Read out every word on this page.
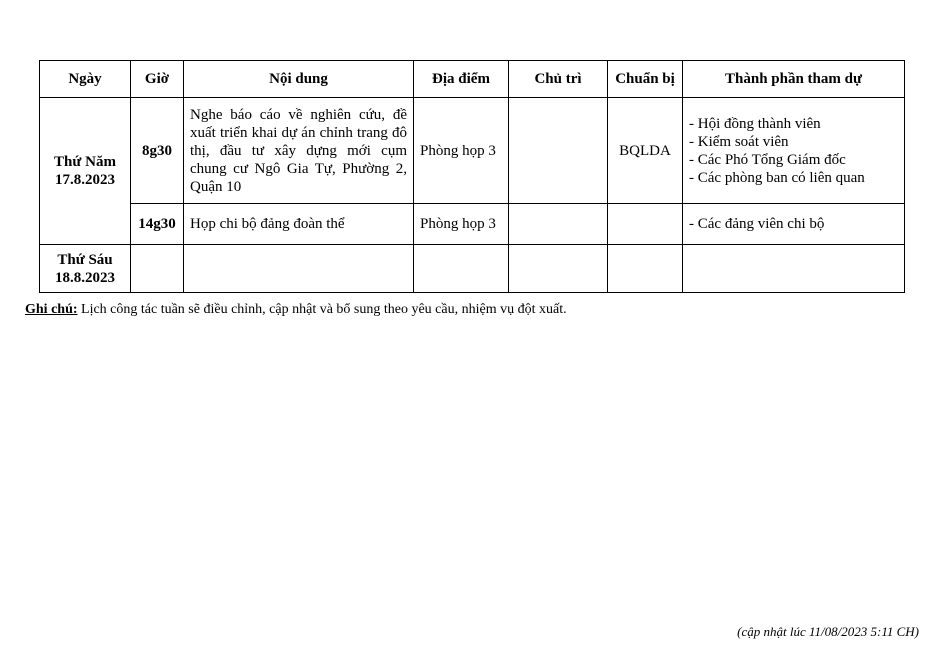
Ngày	Giờ	Nội dung	Địa điểm	Chủ trì	Chuẩn bị	Thành phần tham dự

Thứ Năm
17.8.2023	8g30	Nghe báo cáo về nghiên cứu, đề xuất triển khai dự án chỉnh trang đô thị, đầu tư xây dựng mới cụm chung cư Ngô Gia Tự, Phường 2, Quận 10	Phòng họp 3		BQLDA	- Hội đồng thành viên
- Kiểm soát viên
- Các Phó Tổng Giám đốc
- Các phòng ban có liên quan

	14g30	Họp chi bộ đảng đoàn thể	Phòng họp 3			- Các đảng viên chi bộ

Thứ Sáu
18.8.2023						

Ghi chú: Lịch công tác tuần sẽ điều chỉnh, cập nhật và bổ sung theo yêu cầu, nhiệm vụ đột xuất.
(cập nhật lúc 11/08/2023 5:11 CH)
